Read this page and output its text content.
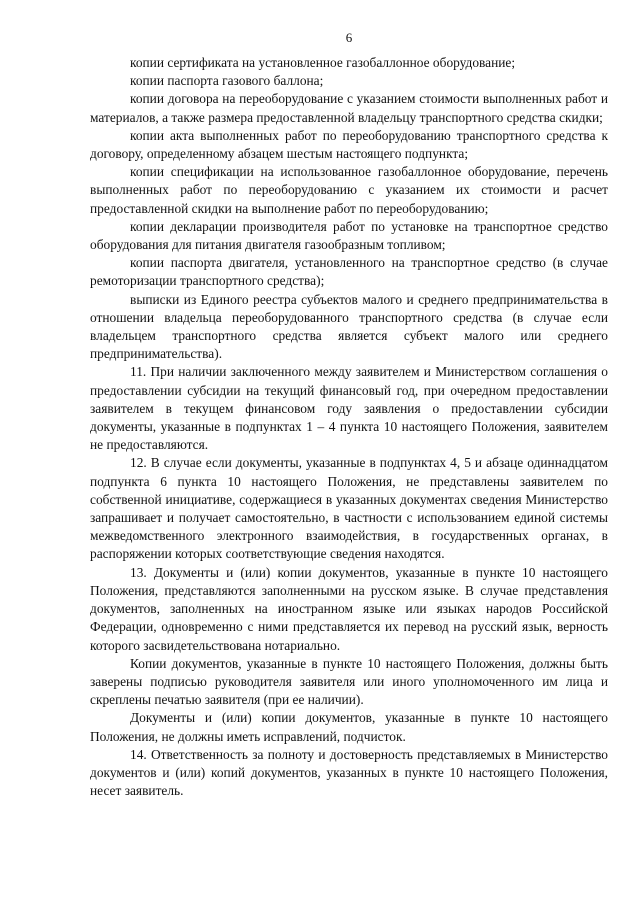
6

копии сертификата на установленное газобаллонное оборудование;

копии паспорта газового баллона;

копии договора на переоборудование с указанием стоимости выполненных работ и материалов, а также размера предоставленной владельцу транспортного средства скидки;

копии акта выполненных работ по переоборудованию транспортного средства к договору, определенному абзацем шестым настоящего подпункта;

копии спецификации на использованное газобаллонное оборудование, перечень выполненных работ по переоборудованию с указанием их стоимости и расчет предоставленной скидки на выполнение работ по переоборудованию;

копии декларации производителя работ по установке на транспортное средство оборудования для питания двигателя газообразным топливом;

копии паспорта двигателя, установленного на транспортное средство (в случае ремоторизации транспортного средства);

выписки из Единого реестра субъектов малого и среднего предпринимательства в отношении владельца переоборудованного транспортного средства (в случае если владельцем транспортного средства является субъект малого или среднего предпринимательства).

11. При наличии заключенного между заявителем и Министерством соглашения о предоставлении субсидии на текущий финансовый год, при очередном предоставлении заявителем в текущем финансовом году заявления о предоставлении субсидии документы, указанные в подпунктах 1 – 4 пункта 10 настоящего Положения, заявителем не предоставляются.

12. В случае если документы, указанные в подпунктах 4, 5 и абзаце одиннадцатом подпункта 6 пункта 10 настоящего Положения, не представлены заявителем по собственной инициативе, содержащиеся в указанных документах сведения Министерство запрашивает и получает самостоятельно, в частности с использованием единой системы межведомственного электронного взаимодействия, в государственных органах, в распоряжении которых соответствующие сведения находятся.

13. Документы и (или) копии документов, указанные в пункте 10 настоящего Положения, представляются заполненными на русском языке. В случае представления документов, заполненных на иностранном языке или языках народов Российской Федерации, одновременно с ними представляется их перевод на русский язык, верность которого засвидетельствована нотариально.

Копии документов, указанные в пункте 10 настоящего Положения, должны быть заверены подписью руководителя заявителя или иного уполномоченного им лица и скреплены печатью заявителя (при ее наличии).

Документы и (или) копии документов, указанные в пункте 10 настоящего Положения, не должны иметь исправлений, подчисток.

14. Ответственность за полноту и достоверность представляемых в Министерство документов и (или) копий документов, указанных в пункте 10 настоящего Положения, несет заявитель.
